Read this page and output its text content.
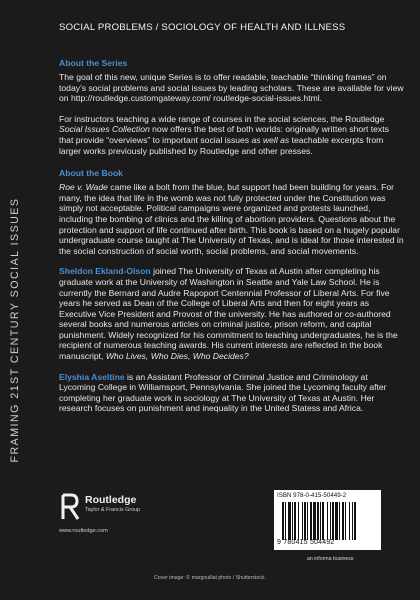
FRAMING 21ST CENTURY SOCIAL ISSUES
SOCIAL PROBLEMS / SOCIOLOGY OF HEALTH AND ILLNESS
About the Series

The goal of this new, unique Series is to offer readable, teachable “thinking frames” on today’s social problems and social issues by leading scholars. These are available for view on http://routledge.customgateway.com/ routledge-social-issues.html.

For instructors teaching a wide range of courses in the social sciences, the Routledge Social Issues Collection now offers the best of both worlds: originally written short texts that provide “overviews” to important social issues as well as teachable excerpts from larger works previously published by Routledge and other presses.

About the Book

Roe v. Wade came like a bolt from the blue, but support had been building for years. For many, the idea that life in the womb was not fully protected under the Constitution was simply not acceptable. Political campaigns were organized and protests launched, including the bombing of clinics and the killing of abortion providers. Questions about the protection and support of life continued after birth. This book is based on a hugely popular undergraduate course taught at The University of Texas, and is ideal for those interested in the social construction of social worth, social problems, and social movements.

Sheldon Ekland-Olson joined The University of Texas at Austin after completing his graduate work at the University of Washington in Seattle and Yale Law School. He is currently the Bernard and Audre Rapoport Centennial Professor of Liberal Arts. For five years he served as Dean of the College of Liberal Arts and then for eight years as Executive Vice President and Provost of the university. He has authored or co-authored several books and numerous articles on criminal justice, prison reform, and capital punishment. Widely recognized for his commitment to teaching undergraduates, he is the recipient of numerous teaching awards. His current interests are reflected in the book manuscript, Who Lives, Who Dies, Who Decides?

Elyshia Aseltine is an Assistant Professor of Criminal Justice and Criminology at Lycoming College in Williamsport, Pennsylvania. She joined the Lycoming faculty after completing her graduate work in sociology at The University of Texas at Austin. Her research focuses on punishment and inequality in the United Statess and Africa.

Routledge
Taylor & Francis Group
www.routledge.com
ISBN 978-0-415-50449-2
9 780415 504492
an informa business
Cover image: © margouillat photo / Shutterstock.
